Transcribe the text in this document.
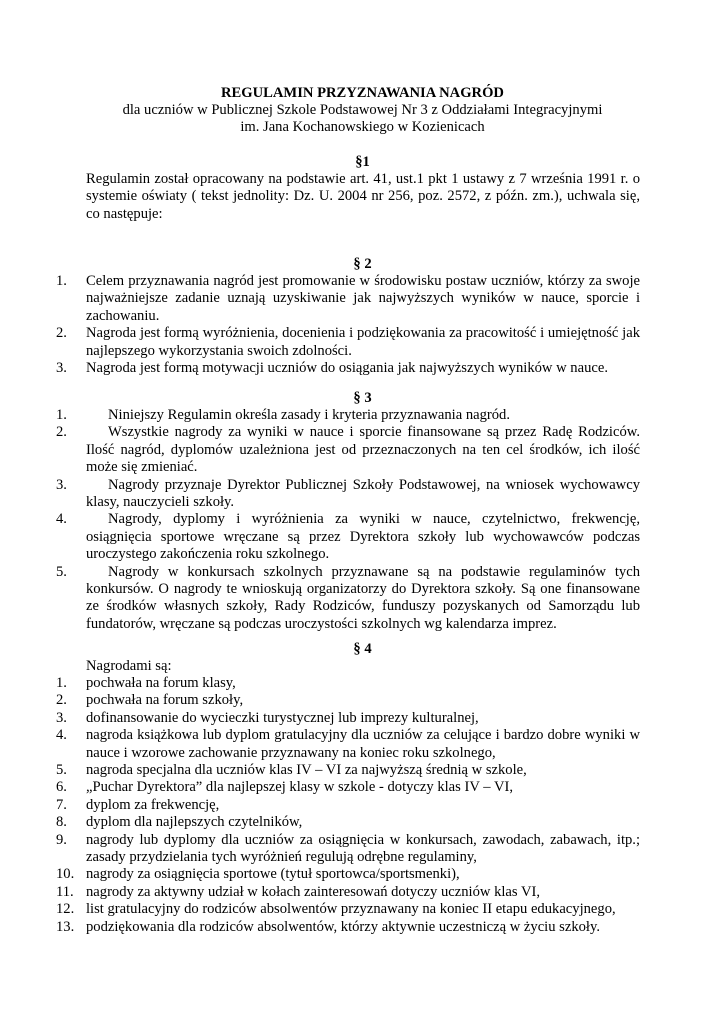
REGULAMIN PRZYZNAWANIA NAGRÓD
dla uczniów w Publicznej Szkole Podstawowej Nr 3 z Oddziałami Integracyjnymi
im. Jana Kochanowskiego w Kozienicach
§1
Regulamin został opracowany na podstawie art. 41, ust.1 pkt 1 ustawy z 7 września 1991 r. o systemie oświaty ( tekst jednolity: Dz. U. 2004 nr 256, poz. 2572, z późn. zm.), uchwala się, co następuje:
§ 2
1. Celem przyznawania nagród jest promowanie w środowisku postaw uczniów, którzy za swoje najważniejsze zadanie uznają uzyskiwanie jak najwyższych wyników w nauce, sporcie i zachowaniu.
2. Nagroda jest formą wyróżnienia, docenienia i podziękowania za pracowitość i umiejętność jak najlepszego wykorzystania swoich zdolności.
3. Nagroda jest formą motywacji uczniów do osiągania jak najwyższych wyników w nauce.
§ 3
1.	Niniejszy Regulamin określa zasady i kryteria przyznawania nagród.
2.	Wszystkie nagrody za wyniki w nauce i sporcie finansowane są przez Radę Rodziców. Ilość nagród, dyplomów uzależniona jest od przeznaczonych na ten cel środków, ich ilość może się zmieniać.
3.	Nagrody przyznaje Dyrektor Publicznej Szkoły Podstawowej, na wniosek wychowawcy klasy, nauczycieli szkoły.
4.	Nagrody, dyplomy i wyróżnienia za wyniki w nauce, czytelnictwo, frekwencję, osiągnięcia sportowe wręczane są przez Dyrektora szkoły lub wychowawców podczas uroczystego zakończenia roku szkolnego.
5.	Nagrody w konkursach szkolnych przyznawane są na podstawie regulaminów tych konkursów. O nagrody te wnioskują organizatorzy do Dyrektora szkoły. Są one finansowane ze środków własnych szkoły, Rady Rodziców, funduszy pozyskanych od Samorządu lub fundatorów, wręczane są podczas uroczystości szkolnych wg kalendarza imprez.
§ 4
Nagrodami są:
1. pochwała na forum klasy,
2. pochwała na forum szkoły,
3. dofinansowanie do wycieczki turystycznej lub imprezy kulturalnej,
4. nagroda książkowa lub dyplom gratulacyjny dla uczniów za celujące i bardzo dobre wyniki w nauce i wzorowe zachowanie przyznawany na koniec roku szkolnego,
5. nagroda specjalna dla uczniów klas IV – VI za najwyższą średnią w szkole,
6. „Puchar Dyrektora” dla najlepszej klasy w szkole - dotyczy klas IV – VI,
7. dyplom za frekwencję,
8. dyplom dla najlepszych czytelników,
9. nagrody lub dyplomy dla uczniów za osiągnięcia w konkursach, zawodach, zabawach, itp.; zasady przydzielania tych wyróżnień regulują odrębne regulaminy,
10. nagrody za osiągnięcia sportowe (tytuł sportowca/sportsmenki),
11. nagrody za aktywny udział w kołach zainteresowań dotyczy uczniów klas VI,
12. list gratulacyjny do rodziców absolwentów przyznawany na koniec II etapu edukacyjnego,
13. podziękowania dla rodziców absolwentów, którzy aktywnie uczestniczą w życiu szkoły.
